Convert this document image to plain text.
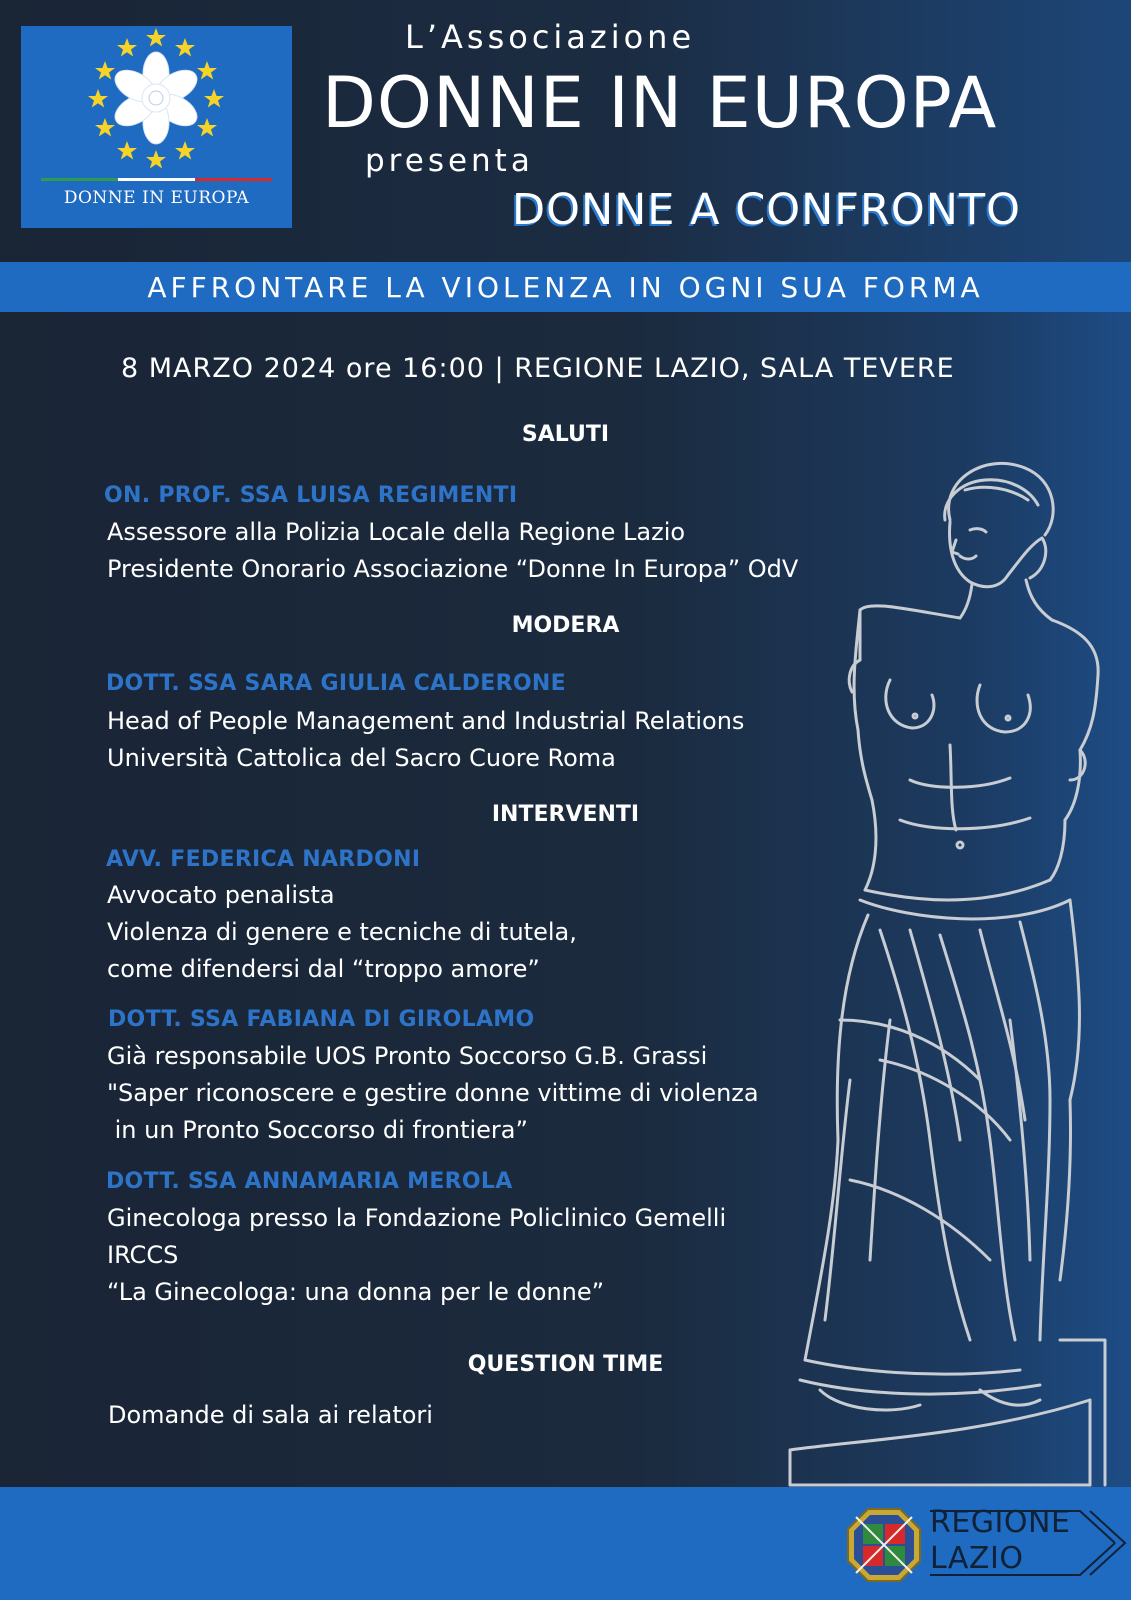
DONNE IN EUROPA
L’Associazione
DONNE IN EUROPA
presenta
DONNE A CONFRONTO
AFFRONTARE LA VIOLENZA IN OGNI SUA FORMA
8 MARZO 2024 ore 16:00 | REGIONE LAZIO, SALA TEVERE
SALUTI
ON. PROF. SSA LUISA REGIMENTI
Assessore alla Polizia Locale della Regione Lazio
Presidente Onorario Associazione “Donne In Europa” OdV
MODERA
DOTT. SSA SARA GIULIA CALDERONE
Head of People Management and Industrial Relations
Università Cattolica del Sacro Cuore Roma
INTERVENTI
AVV. FEDERICA NARDONI
Avvocato penalista
Violenza di genere e tecniche di tutela,
come difendersi dal “troppo amore”
DOTT. SSA FABIANA DI GIROLAMO
Già responsabile UOS Pronto Soccorso G.B. Grassi
"Saper riconoscere e gestire donne vittime di violenza
in un Pronto Soccorso di frontiera”
DOTT. SSA ANNAMARIA MEROLA
Ginecologa presso la Fondazione Policlinico Gemelli
IRCCS
“La Ginecologa: una donna per le donne”
QUESTION TIME
Domande di sala ai relatori
REGIONE
LAZIO
